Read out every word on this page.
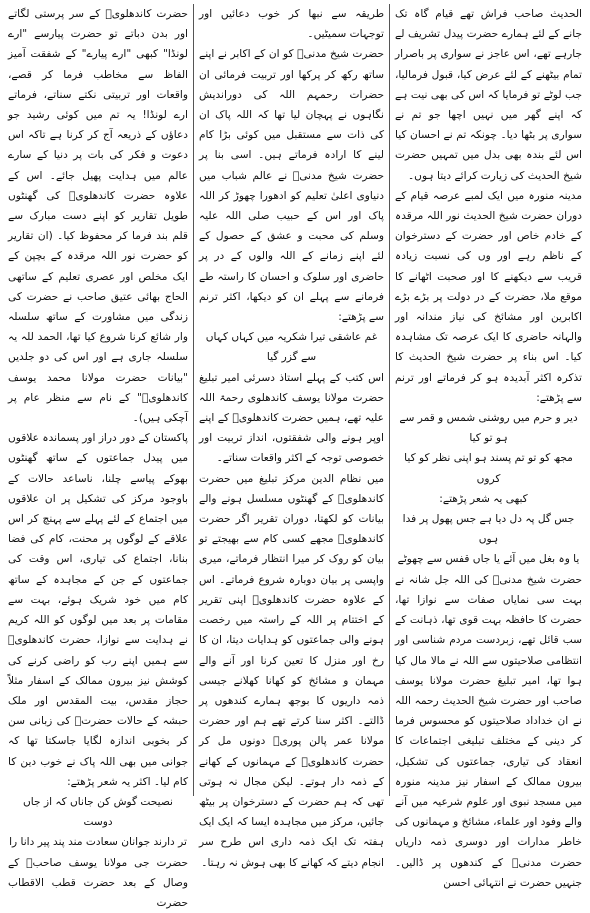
الحدیث صاحب فراش تھے قیام گاہ تک جانے کے لئے ہمارے حضرت پیدل تشریف لے جارہے تھے، اس عاجز نے سواری پر باصرار تمام بیٹھنے کے لئے عرض کیا، قبول فرمالیا، جب لوٹے تو فرمایا کہ اس کی بھی نیت ہے کہ اپنے گھر میں نہیں اچھا جو تم نے سواری پر بٹھا دیا۔ چونکہ تم نے احسان کیا اس لئے بندہ بھی بدل میں تمہیں حضرت شیخ الحدیث کی زیارت کرائے دیتا ہوں۔

مدینہ منورہ میں ایک لمبے عرصہ قیام کے دوران حضرت شیخ الحدیث نور اللہ مرقدہ کے خادم خاص اور حضرت کے دسترخوان کے ناظم رہے اور وں کی نسبت زیادہ قریب سے دیکھنے کا اور صحبت اٹھانے کا موقع ملا، حضرت کے در دولت پر بڑے بڑے اکابرین اور مشائخ کی نیاز مندانہ اور والہانہ حاضری کا ایک عرصہ تک مشاہدہ کیا۔ اس بناء پر حضرت شیخ الحدیث کا تذکرہ اکثر آبدیدہ ہو کر فرماتے اور ترنم سے پڑھتے:

دیر و حرم میں روشنی شمس و قمر سے ہو تو کیا

مجھ کو تو تم پسند ہو اپنی نظر کو کیا کروں

کبھی یہ شعر پڑھتے:

جس گل پہ دل دیا ہے جس پھول پر فدا ہوں

یا وہ بغل میں آئے یا جاں قفس سے چھوٹے

حضرت شیخ مدنیؒ کی اللہ جل شانہ نے بہت سی نمایاں صفات سے نوازا تھا، حضرت کا حافظہ بہت قوی تھا، ذہانت کے سب قائل تھے، زبردست مردم شناسی اور انتظامی صلاحیتوں سے اللہ نے مالا مال کیا ہوا تھا، امیر تبلیغ حضرت مولانا یوسف صاحب اور حضرت شیخ الحدیث رحمہ اللہ نے ان خداداد صلاحیتوں کو محسوس فرما کر دینی کے مختلف تبلیغی اجتماعات کا انعقاد کی تیاری، جماعتوں کی تشکیل، بیرون ممالک کے اسفار نیز مدینہ منورہ میں مسجد نبوی اور علوم شرعیہ میں آنے والے وفود اور علماء، مشائخ و مہمانوں کی خاطر مدارات اور دوسری ذمہ داریاں حضرت مدنیؒ کے کندھوں پر ڈالیں۔ جنہیں حضرت نے انتہائی احسن

طریقہ سے نبھا کر خوب دعائیں اور توجہات سمیٹیں۔

حضرت شیخ مدنیؒ کو ان کے اکابر نے اپنے ساتھ رکھ کر پرکھا اور تربیت فرمائی ان حضرات رحمہم اللہ کی دوراندیش نگاہوں نے پہچان لیا تھا کہ اللہ پاک ان کی ذات سے مستقبل میں کوئی بڑا کام لینے کا ارادہ فرماتے ہیں۔ اسی بنا پر حضرت شیخ مدنیؒ نے عالم شباب میں دنیاوی اعلیٰ تعلیم کو ادھورا چھوڑ کر اللہ پاک اور اس کے حبیب صلی اللہ علیہ وسلم کی محبت و عشق کے حصول کے لئے اپنے زمانے کے اللہ والوں کے در پر حاضری اور سلوک و احسان کا راستہ طے فرمانے سے پہلے ان کو دیکھا، اکثر ترنم سے پڑھتے:

غم عاشقی تیرا شکریہ میں کہاں کہاں سے گزر گیا

اس کتب کے پہلے استاذ دسرئی امیر تبلیغ حضرت مولانا یوسف کاندھلوی رحمۃ اللہ علیہ تھے، ہمیں حضرت کاندھلویؒ کے اپنے اوپر ہونے والی شفقتوں، انداز تربیت اور خصوصی توجہ کے اکثر واقعات سناتے۔

میں نظام الدین مرکز تبلیغ میں حضرت کاندھلویؒ کے گھنٹوں مسلسل ہونے والے بیانات کو لکھتا، دوران تقریر اگر حضرت کاندھلویؒ مجھے کسی کام سے بھیجتے تو بیان کو روک کر میرا انتظار فرماتے، میری واپسی پر بیان دوبارہ شروع فرماتے۔ اس کے علاوہ حضرت کاندھلویؒ اپنی تقریر کے اختتام پر اللہ کے راستہ میں رخصت ہونے والی جماعتوں کو ہدایات دیتا، ان کا رخ اور منزل کا تعین کرنا اور آنے والے مہمان و مشائخ کو کھانا کھلانے جیسی ذمہ داریوں کا بوجھ ہمارے کندھوں پر ڈالتے۔ اکثر سنا کرتے تھے ہم اور حضرت مولانا عمر پالن پوریؒ دونوں مل کر حضرت کاندھلویؒ کے مہمانوں کے کھانے کے ذمہ دار ہوتے۔ لیکن مجال نہ ہوتی تھی کہ ہم حضرت کے دسترخوان پر بیٹھ جائیں، مرکز میں مجاہدہ ایسا کہ ایک ایک ہفتہ تک ایک ذمہ داری اس طرح سر انجام دیتے کہ کھانے کا بھی ہوش نہ رہتا۔

حضرت کاندھلویؒ کے سر پرستی لگاتے اور بدن دباتے تو حضرت پیارسے "ارے لونڈا" کبھی "ارے پیارے" کے شفقت آمیز الفاظ سے مخاطب فرما کر قصے، واقعات اور تربیتی نکتے سناتے، فرماتے ارے لونڈا! یہ تم میں کوئی رشید جو دعاؤں کے ذریعہ آج کر کرنا ہے تاکہ اس دعوت و فکر کی بات پر دنیا کے سارے عالم میں ہدایت پھیل جائے۔ اس کے علاوہ حضرت کاندھلویؒ کی گھنٹوں طویل تقاریر کو اپنے دست مبارک سے قلم بند فرما کر محفوظ کیا۔ (ان تقاریر کو حضرت نور اللہ مرقدہ کے بچپن کے ایک مخلص اور عصری تعلیم کے ساتھی الحاج بھائی عتیق صاحب نے حضرت کی زندگی میں مشاورت کے ساتھ سلسلہ وار شائع کرنا شروع کیا تھا، الحمد للہ یہ سلسلہ جاری ہے اور اس کی دو جلدیں "بیانات حضرت مولانا محمد یوسف کاندھلویؒ" کے نام سے منظر عام پر آچکی ہیں)۔

پاکستان کے دور دراز اور پسماندہ علاقوں میں پیدل جماعتوں کے ساتھ گھنٹوں بھوکے پیاسے چلنا، ناساعد حالات کے باوجود مرکز کی تشکیل پر ان علاقوں میں اجتماع کے لئے پہلے سے پہنچ کر اس علاقے کے لوگوں پر محنت، کام کی فضا بنانا، اجتماع کی تیاری، اس وقت کی جماعتوں کے جن کے مجاہدہ کے ساتھ کام میں خود شریک ہوئے، بہت سے مقامات پر بعد میں لوگوں کو اللہ کریم نے ہدایت سے نوازا، حضرت کاندھلویؒ سے ہمیں اپنے رب کو راضی کرنے کی کوشش نیز بیرون ممالک کے اسفار مثلاً حجاز مقدس، بیت المقدس اور ملک حبشہ کے حالات حضرتؒ کی زبانی سن کر بخوبی اندازہ لگایا جاسکتا تھا کہ جوانی میں بھی اللہ پاک نے خوب دین کا کام لیا۔ اکثر یہ شعر پڑھتے:

نصیحت گوش کن جاناں کہ از جاں دوست

تر دارند جوانان سعادت مند پند پیر دانا را

حضرت جی مولانا یوسف صاحبؒ کے وصال کے بعد حضرت قطب الاقطاب حضرت
